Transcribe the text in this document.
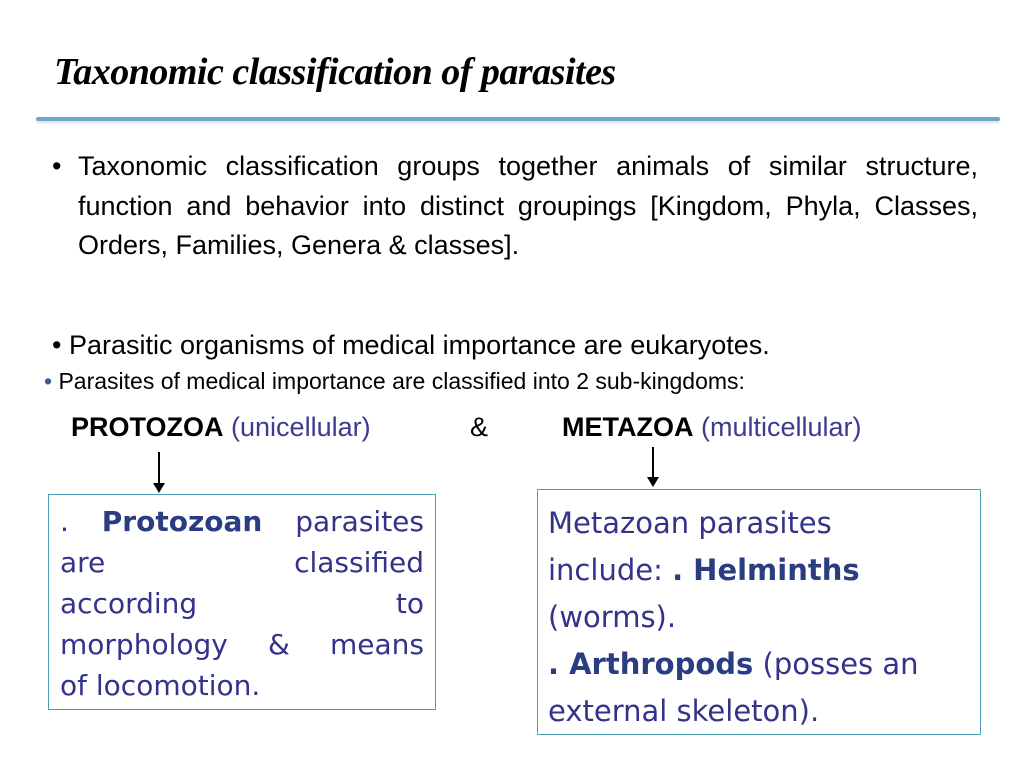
Taxonomic classification of parasites
• Taxonomic classification groups together animals of similar structure, function and behavior into distinct groupings [Kingdom, Phyla, Classes, Orders, Families, Genera & classes].
• Parasitic organisms of medical importance are eukaryotes.
• Parasites of medical importance are classified into 2 sub-kingdoms:
PROTOZOA (unicellular)	&	METAZOA (multicellular)
. Protozoan parasites
are classified
according to
morphology & means
of locomotion.
Metazoan parasites
include: . Helminths
(worms).
. Arthropods (posses an
external skeleton).
